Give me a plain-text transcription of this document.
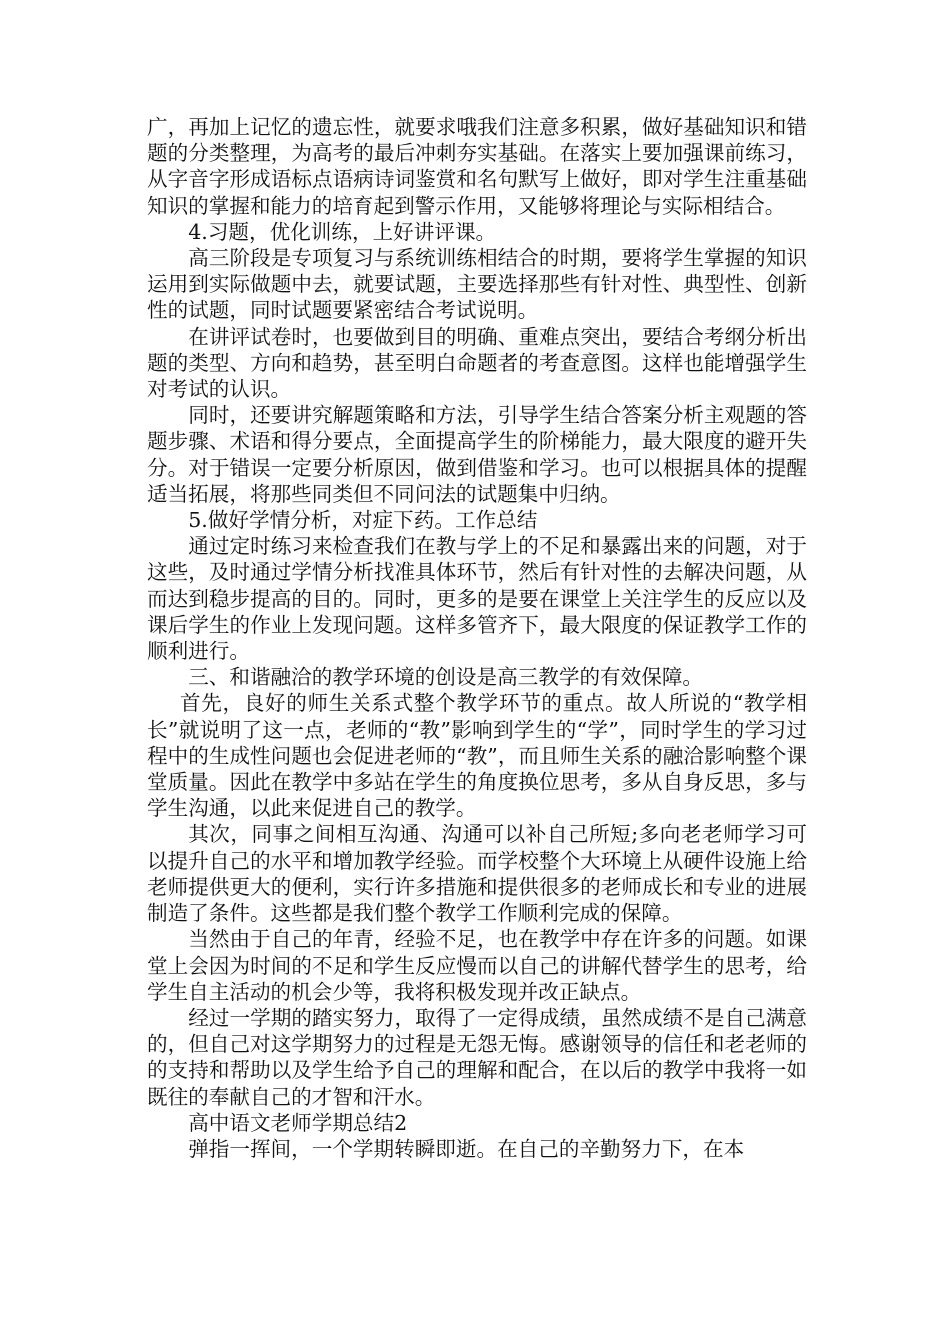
广，再加上记忆的遗忘性，就要求哦我们注意多积累，做好基础知识和错题的分类整理，为高考的最后冲刺夯实基础。在落实上要加强课前练习，从字音字形成语标点语病诗词鉴赏和名句默写上做好，即对学生注重基础知识的掌握和能力的培育起到警示作用，又能够将理论与实际相结合。

4.习题，优化训练，上好讲评课。

高三阶段是专项复习与系统训练相结合的时期，要将学生掌握的知识运用到实际做题中去，就要试题，主要选择那些有针对性、典型性、创新性的试题，同时试题要紧密结合考试说明。

在讲评试卷时，也要做到目的明确、重难点突出，要结合考纲分析出题的类型、方向和趋势，甚至明白命题者的考查意图。这样也能增强学生对考试的认识。

同时，还要讲究解题策略和方法，引导学生结合答案分析主观题的答题步骤、术语和得分要点，全面提高学生的阶梯能力，最大限度的避开失分。对于错误一定要分析原因，做到借鉴和学习。也可以根据具体的提醒适当拓展，将那些同类但不同问法的试题集中归纳。

5.做好学情分析，对症下药。工作总结

通过定时练习来检查我们在教与学上的不足和暴露出来的问题，对于这些，及时通过学情分析找准具体环节，然后有针对性的去解决问题，从而达到稳步提高的目的。同时，更多的是要在课堂上关注学生的反应以及课后学生的作业上发现问题。这样多管齐下，最大限度的保证教学工作的顺利进行。

三、和谐融洽的教学环境的创设是高三教学的有效保障。

首先，良好的师生关系式整个教学环节的重点。故人所说的“教学相长”就说明了这一点，老师的“教”影响到学生的“学”，同时学生的学习过程中的生成性问题也会促进老师的“教”，而且师生关系的融洽影响整个课堂质量。因此在教学中多站在学生的角度换位思考，多从自身反思，多与学生沟通，以此来促进自己的教学。

其次，同事之间相互沟通、沟通可以补自己所短;多向老老师学习可以提升自己的水平和增加教学经验。而学校整个大环境上从硬件设施上给老师提供更大的便利，实行许多措施和提供很多的老师成长和专业的进展制造了条件。这些都是我们整个教学工作顺利完成的保障。

当然由于自己的年青，经验不足，也在教学中存在许多的问题。如课堂上会因为时间的不足和学生反应慢而以自己的讲解代替学生的思考，给学生自主活动的机会少等，我将积极发现并改正缺点。

经过一学期的踏实努力，取得了一定得成绩，虽然成绩不是自己满意的，但自己对这学期努力的过程是无怨无悔。感谢领导的信任和老老师的的支持和帮助以及学生给予自己的理解和配合，在以后的教学中我将一如既往的奉献自己的才智和汗水。

高中语文老师学期总结2

弹指一挥间，一个学期转瞬即逝。在自己的辛勤努力下，在本
